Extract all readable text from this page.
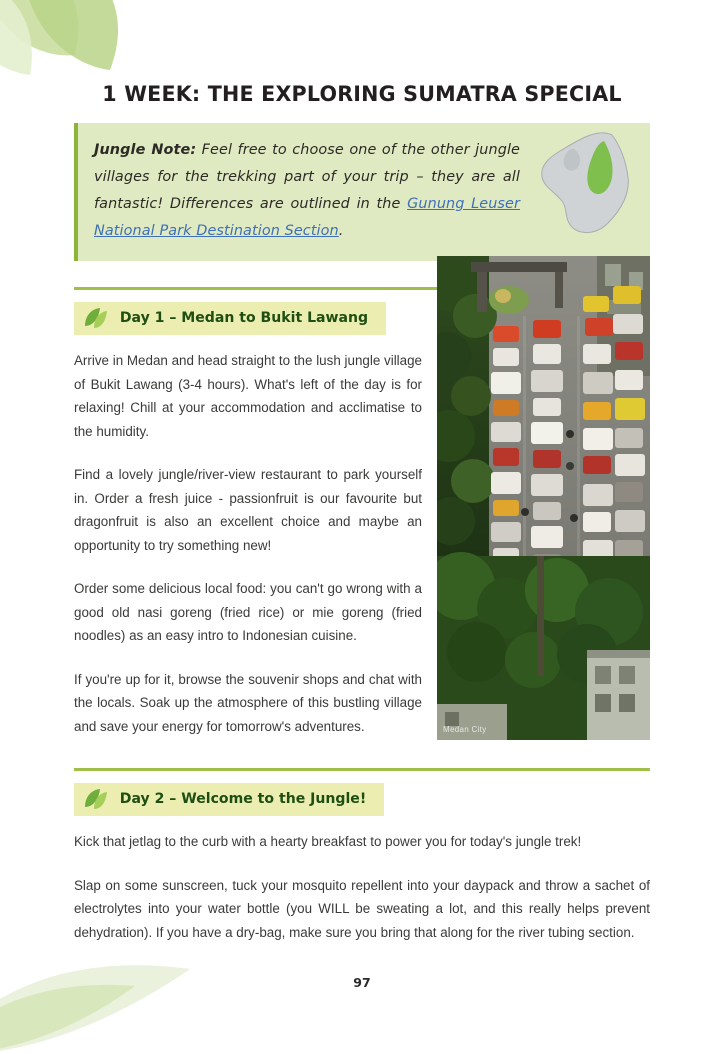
1 WEEK: THE EXPLORING SUMATRA SPECIAL
Jungle Note: Feel free to choose one of the other jungle villages for the trekking part of your trip – they are all fantastic! Differences are outlined in the Gunung Leuser National Park Destination Section.
Day 1 – Medan to Bukit Lawang

Arrive in Medan and head straight to the lush jungle village of Bukit Lawang (3-4 hours). What's left of the day is for relaxing! Chill at your accommodation and acclimatise to the humidity.

Find a lovely jungle/river-view restaurant to park yourself in. Order a fresh juice - passionfruit is our favourite but dragonfruit is also an excellent choice and maybe an opportunity to try something new!

Order some delicious local food: you can't go wrong with a good old nasi goreng (fried rice) or mie goreng (fried noodles) as an easy intro to Indonesian cuisine.

If you're up for it, browse the souvenir shops and chat with the locals. Soak up the atmosphere of this bustling village and save your energy for tomorrow's adventures.

Day 2 – Welcome to the Jungle!

Kick that jetlag to the curb with a hearty breakfast to power you for today's jungle trek!

Slap on some sunscreen, tuck your mosquito repellent into your daypack and throw a sachet of electrolytes into your water bottle (you WILL be sweating a lot, and this really helps prevent dehydration). If you have a dry-bag, make sure you bring that along for the river tubing section.

Medan City
97
